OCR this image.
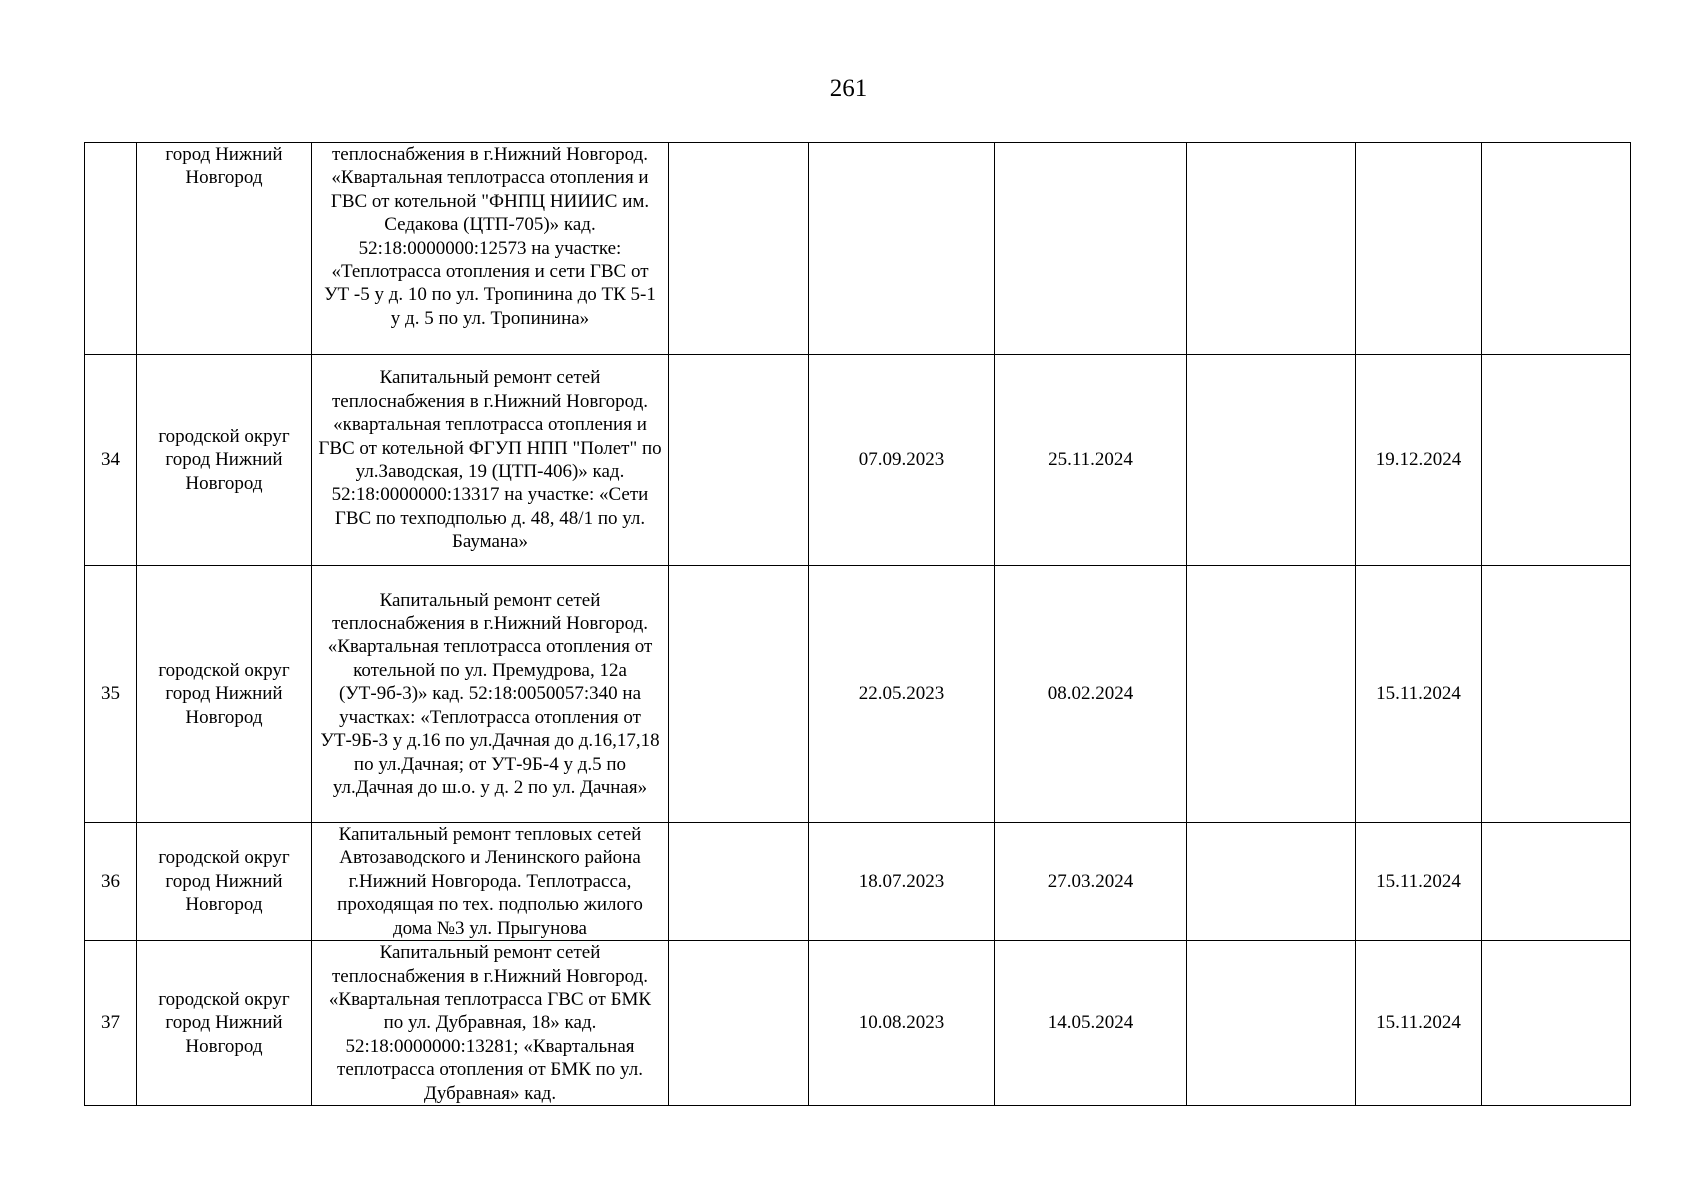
261
	город Нижний Новгород	теплоснабжения в г.Нижний Новгород. «Квартальная теплотрасса отопления и ГВС от котельной "ФНПЦ НИИИС им. Седакова (ЦТП-705)» кад. 52:18:0000000:12573 на участке: «Теплотрасса отопления и сети ГВС от УТ -5 у д. 10 по ул. Тропинина до ТК 5-1 у д. 5 по ул. Тропинина»						
34	городской округ город Нижний Новгород	Капитальный ремонт сетей теплоснабжения в г.Нижний Новгород. «квартальная теплотрасса отопления и ГВС от котельной ФГУП НПП "Полет" по ул.Заводская, 19 (ЦТП-406)» кад. 52:18:0000000:13317 на участке: «Сети ГВС по техподполью д. 48, 48/1 по ул. Баумана»		07.09.2023	25.11.2024		19.12.2024	
35	городской округ город Нижний Новгород	Капитальный ремонт сетей теплоснабжения в г.Нижний Новгород. «Квартальная теплотрасса отопления от котельной по ул. Премудрова, 12а (УТ-9б-3)» кад. 52:18:0050057:340 на участках: «Теплотрасса отопления от УТ-9Б-3 у д.16 по ул.Дачная до д.16,17,18 по ул.Дачная; от УТ-9Б-4 у д.5 по ул.Дачная до ш.о. у д. 2 по ул. Дачная»		22.05.2023	08.02.2024		15.11.2024	
36	городской округ город Нижний Новгород	Капитальный ремонт тепловых сетей Автозаводского и Ленинского района г.Нижний Новгорода. Теплотрасса, проходящая по тех. подполью жилого дома №3 ул. Прыгунова		18.07.2023	27.03.2024		15.11.2024	
37	городской округ город Нижний Новгород	Капитальный ремонт сетей теплоснабжения в г.Нижний Новгород. «Квартальная теплотрасса ГВС от БМК по ул. Дубравная, 18» кад. 52:18:0000000:13281; «Квартальная теплотрасса отопления от БМК по ул. Дубравная» кад.		10.08.2023	14.05.2024		15.11.2024	
